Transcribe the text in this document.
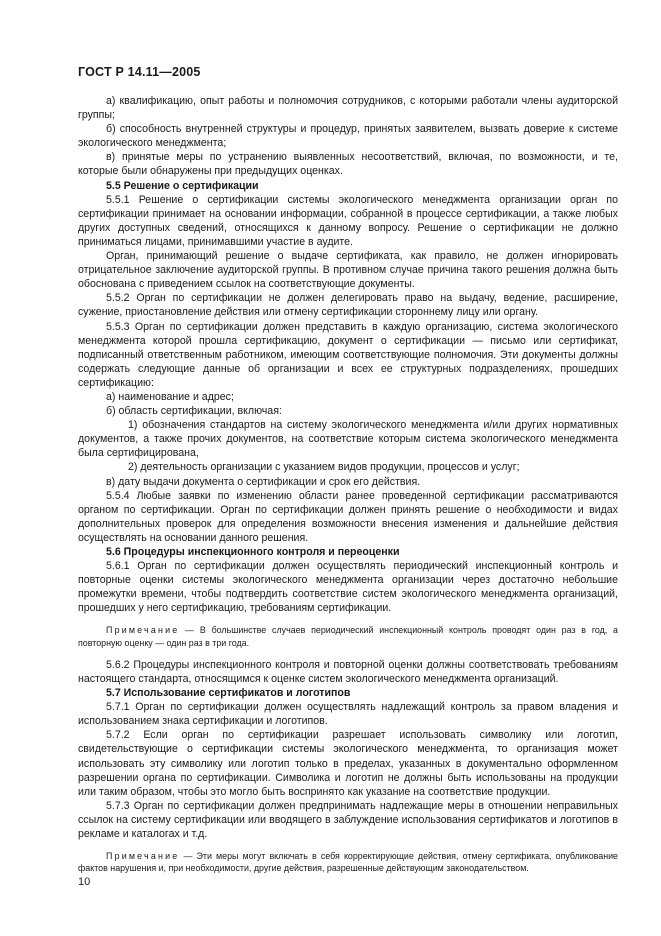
ГОСТ Р 14.11—2005

а) квалификацию, опыт работы и полномочия сотрудников, с которыми работали члены аудиторской группы;

б) способность внутренней структуры и процедур, принятых заявителем, вызвать доверие к системе экологического менеджмента;

в) принятые меры по устранению выявленных несоответствий, включая, по возможности, и те, которые были обнаружены при предыдущих оценках.

5.5 Решение о сертификации

5.5.1 Решение о сертификации системы экологического менеджмента организации орган по сертификации принимает на основании информации, собранной в процессе сертификации, а также любых других доступных сведений, относящихся к данному вопросу. Решение о сертификации не должно приниматься лицами, принимавшими участие в аудите.

Орган, принимающий решение о выдаче сертификата, как правило, не должен игнорировать отрицательное заключение аудиторской группы. В противном случае причина такого решения должна быть обоснована с приведением ссылок на соответствующие документы.

5.5.2 Орган по сертификации не должен делегировать право на выдачу, ведение, расширение, сужение, приостановление действия или отмену сертификации стороннему лицу или органу.

5.5.3 Орган по сертификации должен представить в каждую организацию, система экологического менеджмента которой прошла сертификацию, документ о сертификации — письмо или сертификат, подписанный ответственным работником, имеющим соответствующие полномочия. Эти документы должны содержать следующие данные об организации и всех ее структурных подразделениях, прошедших сертификацию:

а) наименование и адрес;

б) область сертификации, включая:

1) обозначения стандартов на систему экологического менеджмента и/или других нормативных документов, а также прочих документов, на соответствие которым система экологического менеджмента была сертифицирована,

2) деятельность организации с указанием видов продукции, процессов и услуг;

в) дату выдачи документа о сертификации и срок его действия.

5.5.4 Любые заявки по изменению области ранее проведенной сертификации рассматриваются органом по сертификации. Орган по сертификации должен принять решение о необходимости и видах дополнительных проверок для определения возможности внесения изменения и дальнейшие действия осуществлять на основании данного решения.

5.6 Процедуры инспекционного контроля и переоценки

5.6.1 Орган по сертификации должен осуществлять периодический инспекционный контроль и повторные оценки системы экологического менеджмента организации через достаточно небольшие промежутки времени, чтобы подтвердить соответствие систем экологического менеджмента организаций, прошедших у него сертификацию, требованиям сертификации.

Примечание — В большинстве случаев периодический инспекционный контроль проводят один раз в год, а повторную оценку — один раз в три года.

5.6.2 Процедуры инспекционного контроля и повторной оценки должны соответствовать требованиям настоящего стандарта, относящимся к оценке систем экологического менеджмента организаций.

5.7 Использование сертификатов и логотипов

5.7.1 Орган по сертификации должен осуществлять надлежащий контроль за правом владения и использованием знака сертификации и логотипов.

5.7.2 Если орган по сертификации разрешает использовать символику или логотип, свидетельствующие о сертификации системы экологического менеджмента, то организация может использовать эту символику или логотип только в пределах, указанных в документально оформленном разрешении органа по сертификации. Символика и логотип не должны быть использованы на продукции или таким образом, чтобы это могло быть воспринято как указание на соответствие продукции.

5.7.3 Орган по сертификации должен предпринимать надлежащие меры в отношении неправильных ссылок на систему сертификации или вводящего в заблуждение использования сертификатов и логотипов в рекламе и каталогах и т.д.

Примечание — Эти меры могут включать в себя корректирующие действия, отмену сертификата, опубликование фактов нарушения и, при необходимости, другие действия, разрешенные действующим законодательством.

10
